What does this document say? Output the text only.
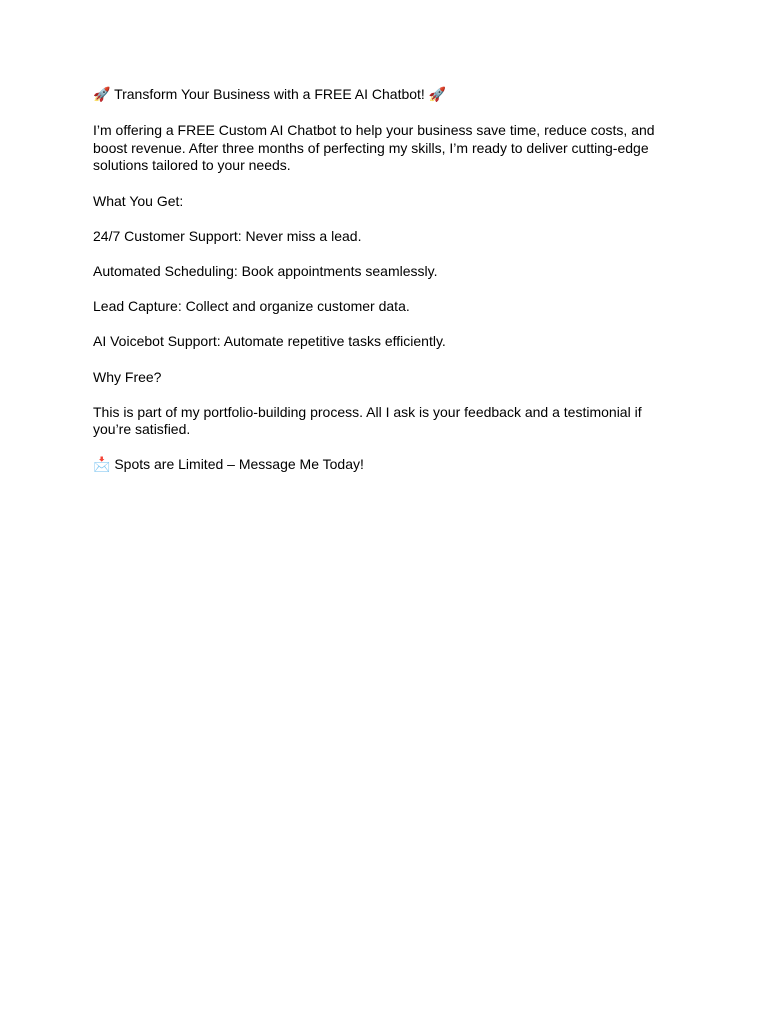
🚀 Transform Your Business with a FREE AI Chatbot! 🚀

I’m offering a FREE Custom AI Chatbot to help your business save time, reduce costs, and boost revenue. After three months of perfecting my skills, I’m ready to deliver cutting-edge solutions tailored to your needs.

What You Get:

24/7 Customer Support: Never miss a lead.

Automated Scheduling: Book appointments seamlessly.

Lead Capture: Collect and organize customer data.

AI Voicebot Support: Automate repetitive tasks efficiently.

Why Free?

This is part of my portfolio-building process. All I ask is your feedback and a testimonial if you’re satisfied.

📩 Spots are Limited – Message Me Today!
